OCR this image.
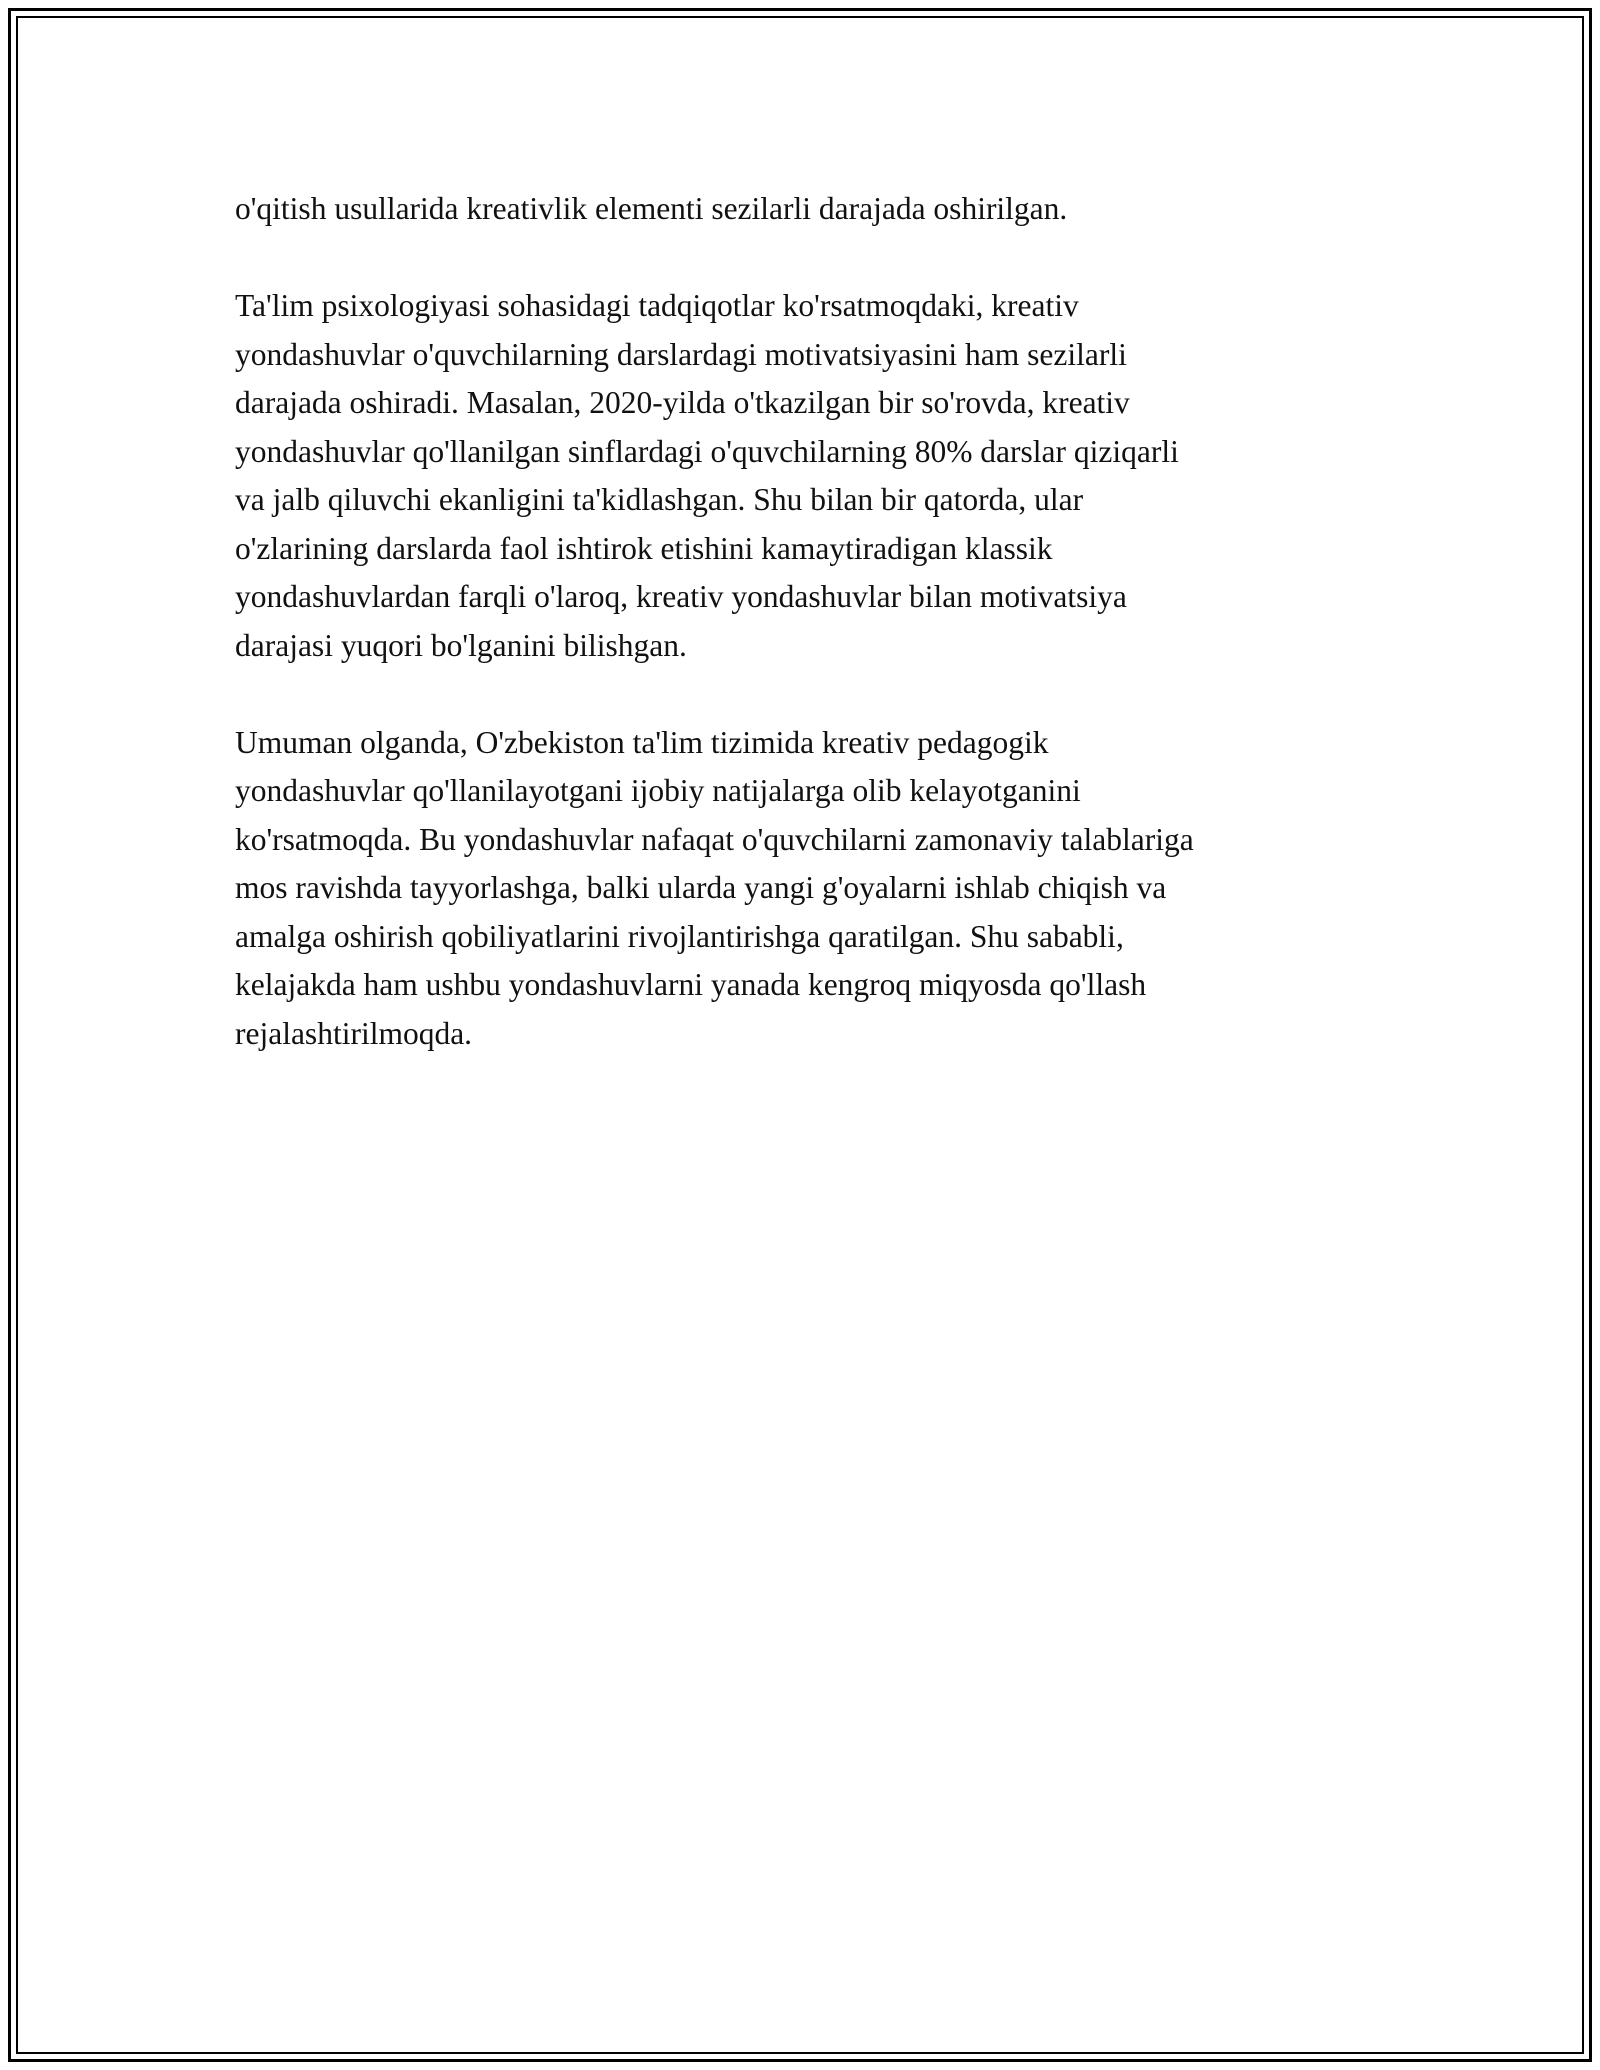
o'qitish usullarida kreativlik elementi sezilarli darajada oshirilgan.

Ta'lim psixologiyasi sohasidagi tadqiqotlar ko'rsatmoqdaki, kreativ
yondashuvlar o'quvchilarning darslardagi motivatsiyasini ham sezilarli
darajada oshiradi. Masalan, 2020-yilda o'tkazilgan bir so'rovda, kreativ
yondashuvlar qo'llanilgan sinflardagi o'quvchilarning 80% darslar qiziqarli
va jalb qiluvchi ekanligini ta'kidlashgan. Shu bilan bir qatorda, ular
o'zlarining darslarda faol ishtirok etishini kamaytiradigan klassik
yondashuvlardan farqli o'laroq, kreativ yondashuvlar bilan motivatsiya
darajasi yuqori bo'lganini bilishgan.

Umuman olganda, O'zbekiston ta'lim tizimida kreativ pedagogik
yondashuvlar qo'llanilayotgani ijobiy natijalarga olib kelayotganini
ko'rsatmoqda. Bu yondashuvlar nafaqat o'quvchilarni zamonaviy talablariga
mos ravishda tayyorlashga, balki ularda yangi g'oyalarni ishlab chiqish va
amalga oshirish qobiliyatlarini rivojlantirishga qaratilgan. Shu sababli,
kelajakda ham ushbu yondashuvlarni yanada kengroq miqyosda qo'llash
rejalashtirilmoqda.
